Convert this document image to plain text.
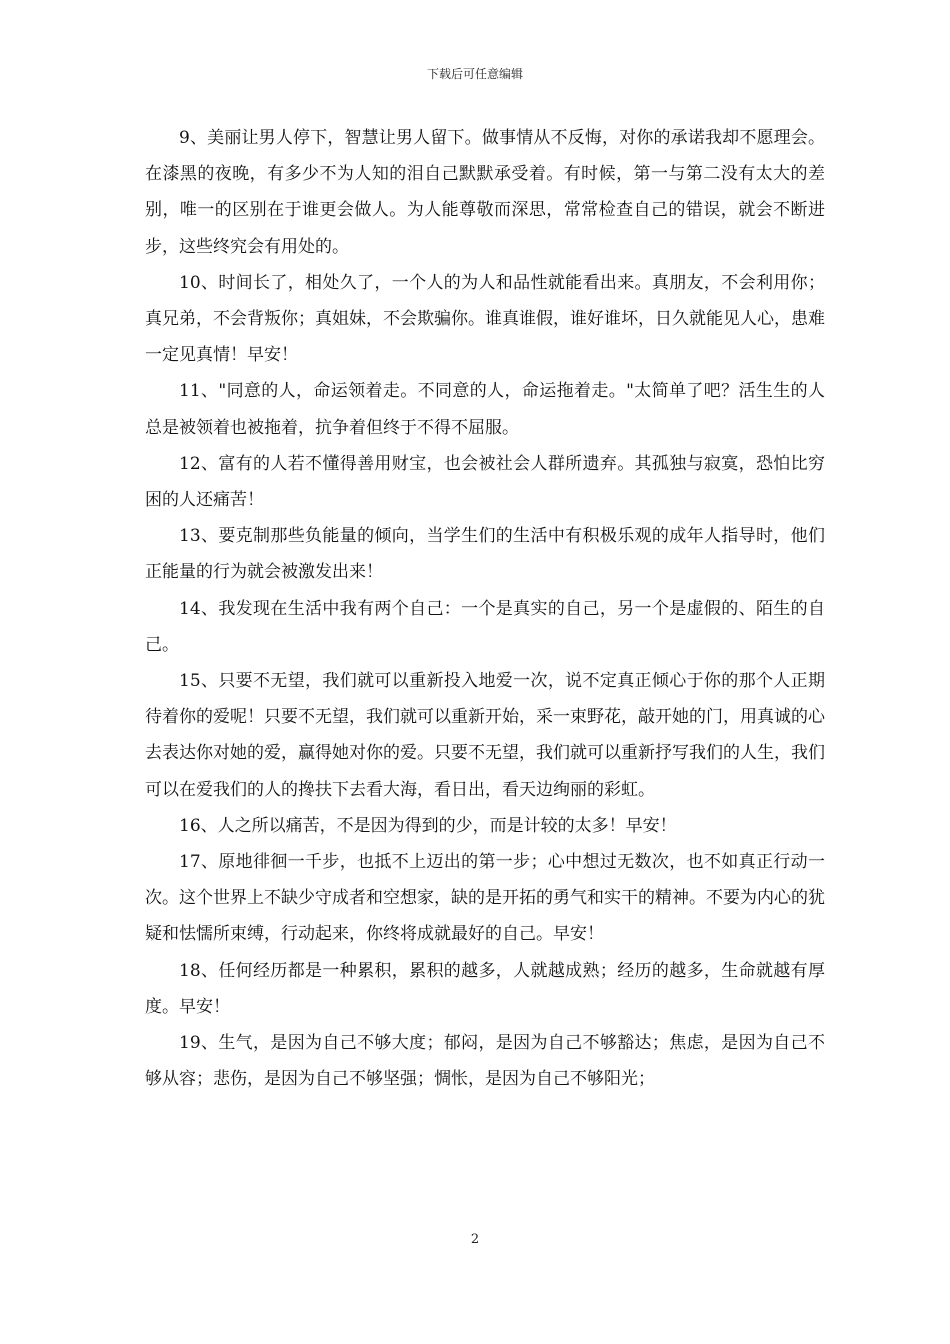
下载后可任意编辑

9、美丽让男人停下，智慧让男人留下。做事情从不反悔，对你的承诺我却不愿理会。在漆黑的夜晚，有多少不为人知的泪自己默默承受着。有时候，第一与第二没有太大的差别，唯一的区别在于谁更会做人。为人能尊敬而深思，常常检查自己的错误，就会不断进步，这些终究会有用处的。

10、时间长了，相处久了，一个人的为人和品性就能看出来。真朋友，不会利用你；真兄弟，不会背叛你；真姐妹，不会欺骗你。谁真谁假，谁好谁坏，日久就能见人心，患难一定见真情！早安！

11、"同意的人，命运领着走。不同意的人，命运拖着走。"太简单了吧？活生生的人总是被领着也被拖着，抗争着但终于不得不屈服。

12、富有的人若不懂得善用财宝，也会被社会人群所遗弃。其孤独与寂寞，恐怕比穷困的人还痛苦！

13、要克制那些负能量的倾向，当学生们的生活中有积极乐观的成年人指导时，他们正能量的行为就会被激发出来！

14、我发现在生活中我有两个自己：一个是真实的自己，另一个是虚假的、陌生的自己。

15、只要不无望，我们就可以重新投入地爱一次，说不定真正倾心于你的那个人正期待着你的爱呢！只要不无望，我们就可以重新开始，采一束野花，敲开她的门，用真诚的心去表达你对她的爱，赢得她对你的爱。只要不无望，我们就可以重新抒写我们的人生，我们可以在爱我们的人的搀扶下去看大海，看日出，看天边绚丽的彩虹。

16、人之所以痛苦，不是因为得到的少，而是计较的太多！早安！

17、原地徘徊一千步，也抵不上迈出的第一步；心中想过无数次，也不如真正行动一次。这个世界上不缺少守成者和空想家，缺的是开拓的勇气和实干的精神。不要为内心的犹疑和怯懦所束缚，行动起来，你终将成就最好的自己。早安！

18、任何经历都是一种累积，累积的越多，人就越成熟；经历的越多，生命就越有厚度。早安！

19、生气，是因为自己不够大度；郁闷，是因为自己不够豁达；焦虑，是因为自己不够从容；悲伤，是因为自己不够坚强；惆怅，是因为自己不够阳光；

2
